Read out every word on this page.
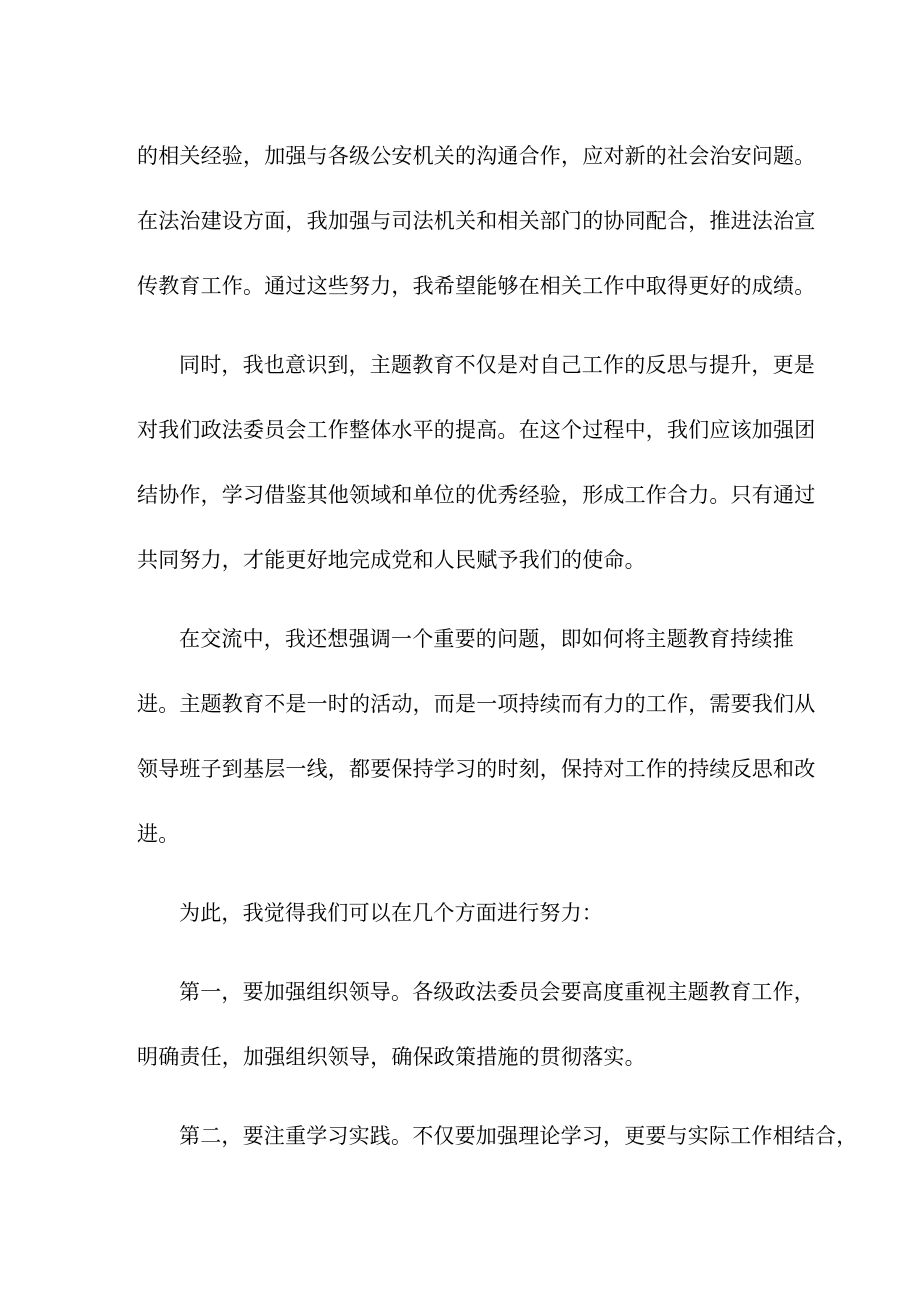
的相关经验，加强与各级公安机关的沟通合作，应对新的社会治安问题。
在法治建设方面，我加强与司法机关和相关部门的协同配合，推进法治宣
传教育工作。通过这些努力，我希望能够在相关工作中取得更好的成绩。
同时，我也意识到，主题教育不仅是对自己工作的反思与提升，更是
对我们政法委员会工作整体水平的提高。在这个过程中，我们应该加强团
结协作，学习借鉴其他领域和单位的优秀经验，形成工作合力。只有通过
共同努力，才能更好地完成党和人民赋予我们的使命。
在交流中，我还想强调一个重要的问题，即如何将主题教育持续推
进。主题教育不是一时的活动，而是一项持续而有力的工作，需要我们从
领导班子到基层一线，都要保持学习的时刻，保持对工作的持续反思和改
进。
为此，我觉得我们可以在几个方面进行努力：
第一，要加强组织领导。各级政法委员会要高度重视主题教育工作，
明确责任，加强组织领导，确保政策措施的贯彻落实。
第二，要注重学习实践。不仅要加强理论学习，更要与实际工作相结合，
